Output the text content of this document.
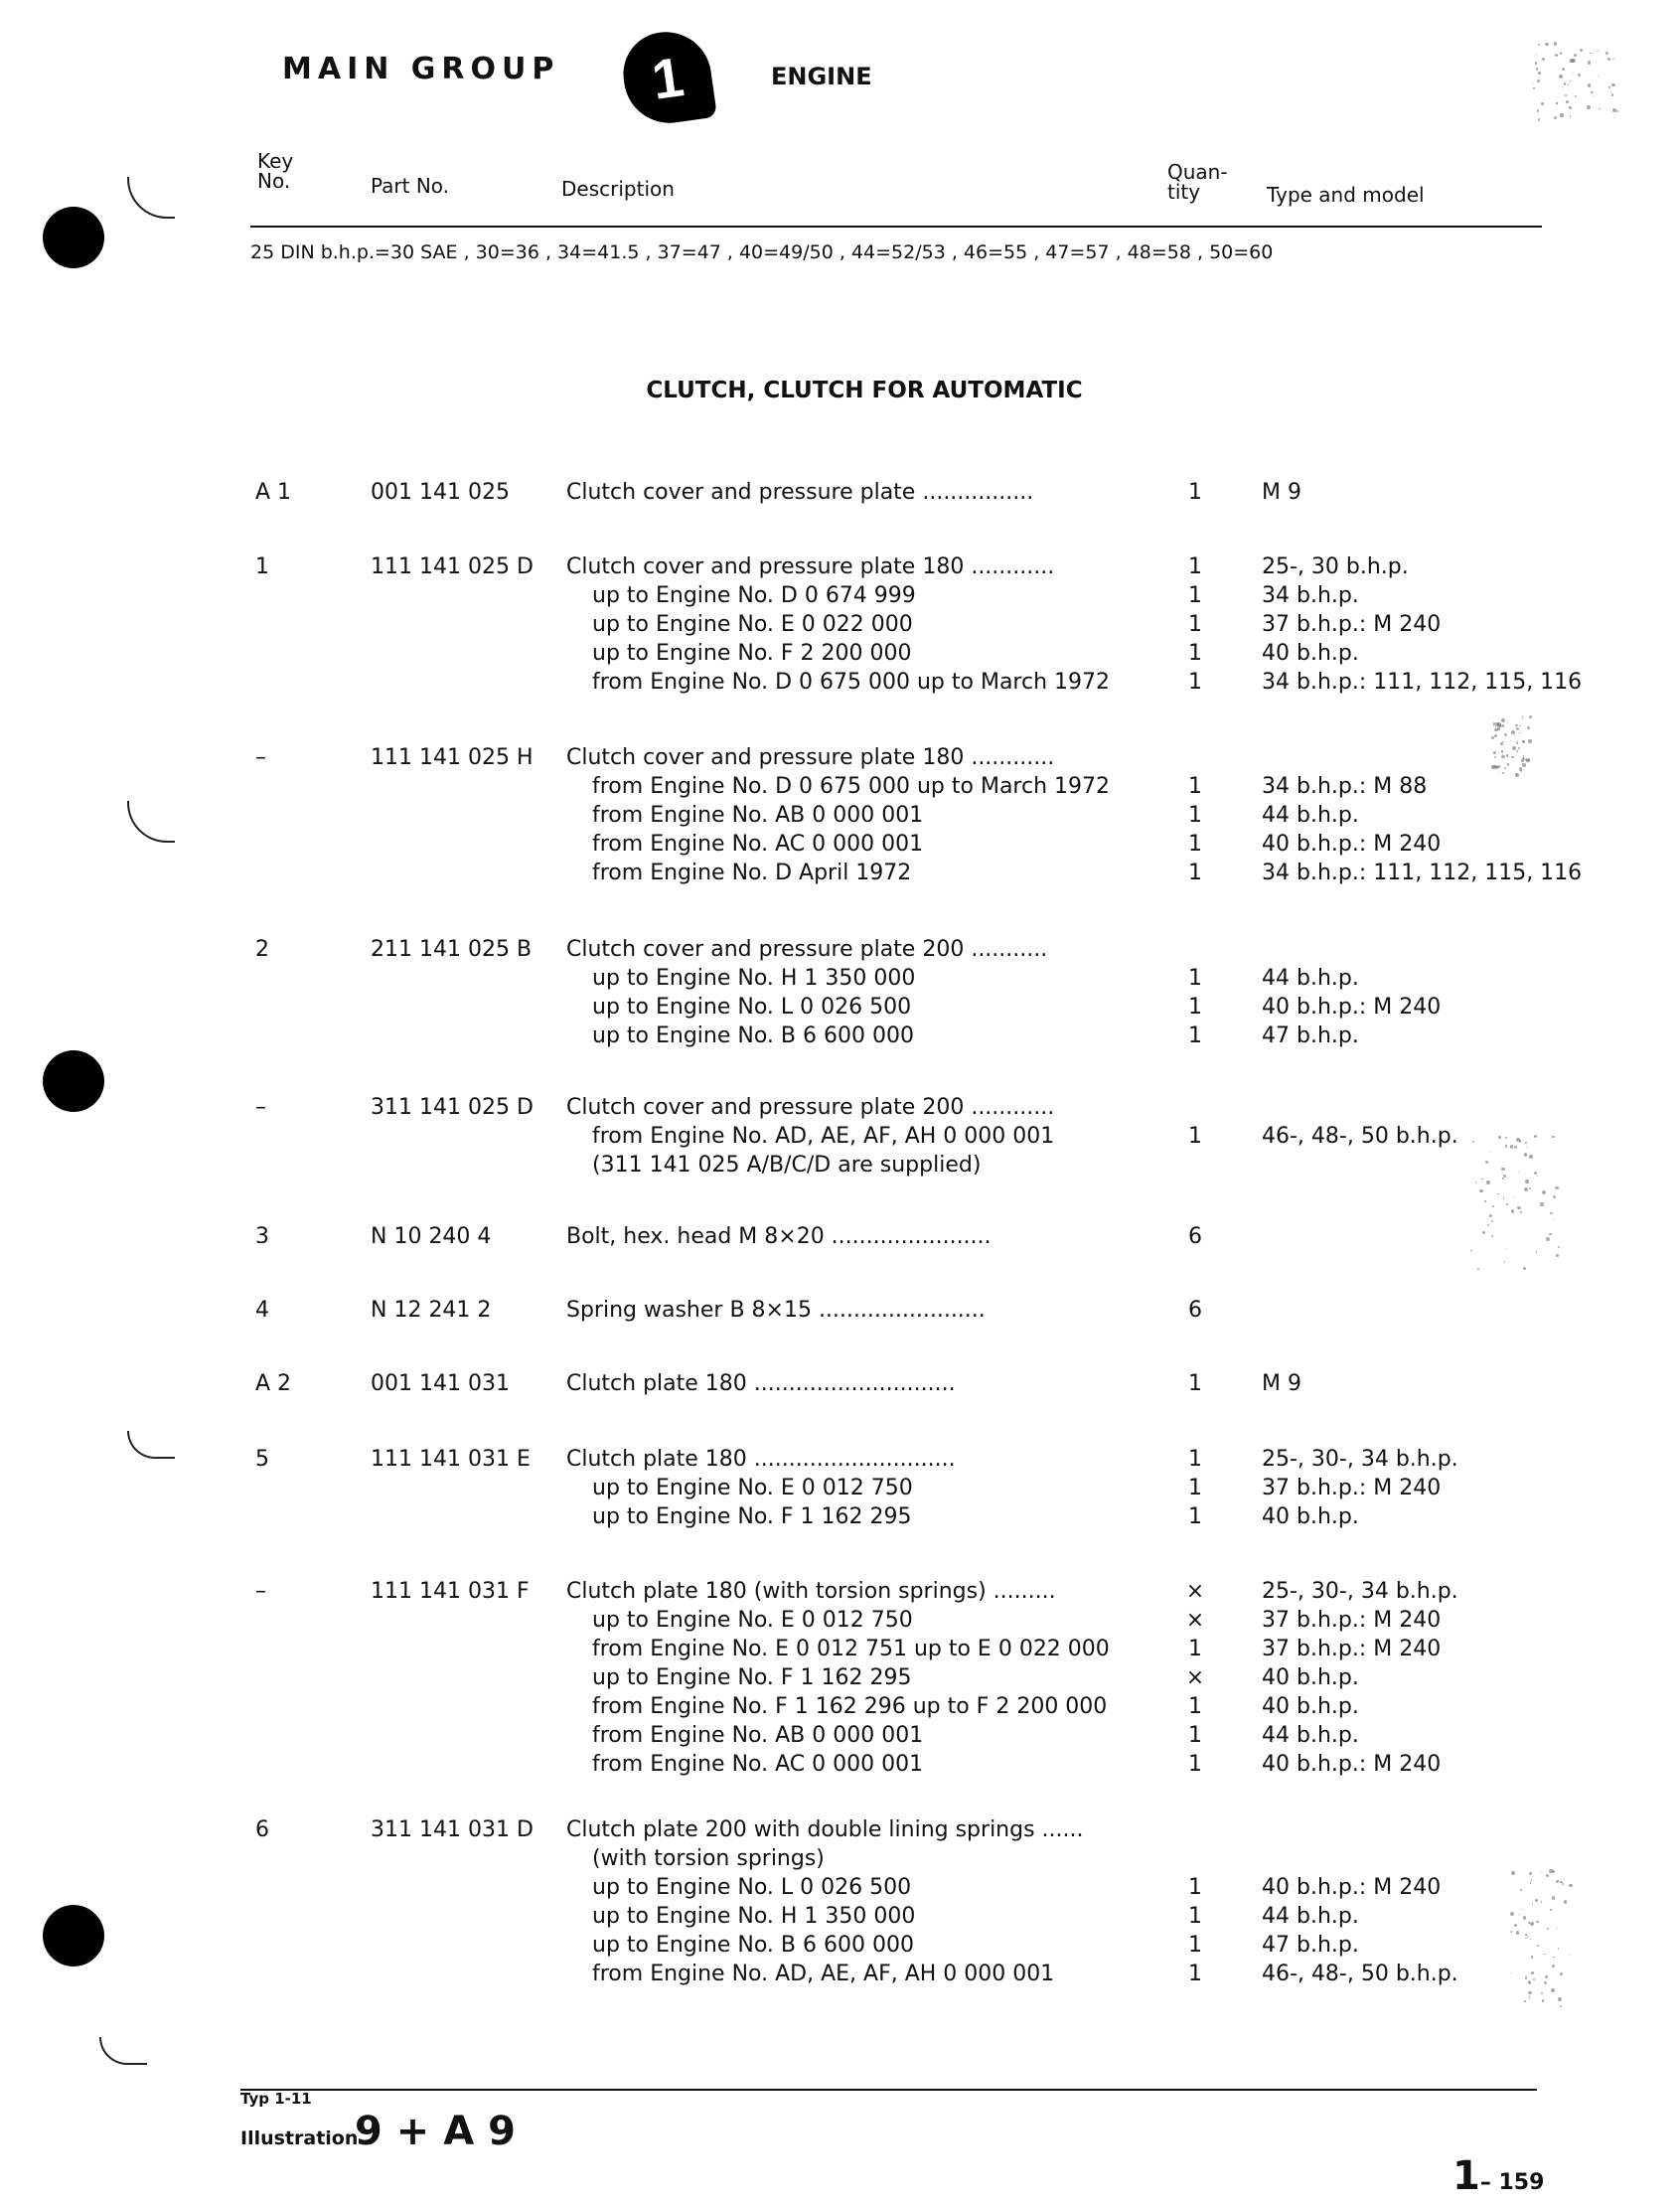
MAIN GROUP	1	ENGINE
Key
No.	Part No.	Description
Quan-
tity	Type and model
25 DIN b.h.p.=30 SAE , 30=36 , 34=41.5 , 37=47 , 40=49/50 , 44=52/53 , 46=55 , 47=57 , 48=58 , 50=60
CLUTCH, CLUTCH FOR AUTOMATIC
A 1	001 141 025	Clutch cover and pressure plate ................	1	M 9
1	111 141 025 D Clutch cover and pressure plate 180 ............	1	25-, 30 b.h.p.
up to Engine No. D 0 674 999	1	34 b.h.p.
up to Engine No. E 0 022 000	1	37 b.h.p.: M 240
up to Engine No. F 2 200 000	1	40 b.h.p.
from Engine No. D 0 675 000 up to March 1972	1	34 b.h.p.: 111, 112, 115, 116
–	111 141 025 H Clutch cover and pressure plate 180 ............
from Engine No. D 0 675 000 up to March 1972	1	34 b.h.p.: M 88
from Engine No. AB 0 000 001	1	44 b.h.p.
from Engine No. AC 0 000 001	1	40 b.h.p.: M 240
from Engine No. D April 1972	1	34 b.h.p.: 111, 112, 115, 116
2	211 141 025 B Clutch cover and pressure plate 200 ...........
up to Engine No. H 1 350 000	1	44 b.h.p.
up to Engine No. L 0 026 500	1	40 b.h.p.: M 240
up to Engine No. B 6 600 000	1	47 b.h.p.
–	311 141 025 D Clutch cover and pressure plate 200 ............
from Engine No. AD, AE, AF, AH 0 000 001	1	46-, 48-, 50 b.h.p.
(311 141 025 A/B/C/D are supplied)
3	N 10 240 4	Bolt, hex. head M 8×20 .......................	6
4	N 12 241 2	Spring washer B 8×15 ........................	6
A 2	001 141 031	Clutch plate 180 .............................	1	M 9
5	111 141 031 E Clutch plate 180 .............................	1	25-, 30-, 34 b.h.p.
up to Engine No. E 0 012 750	1	37 b.h.p.: M 240
up to Engine No. F 1 162 295	1	40 b.h.p.
–	111 141 031 F Clutch plate 180 (with torsion springs) .........	×	25-, 30-, 34 b.h.p.
up to Engine No. E 0 012 750	×	37 b.h.p.: M 240
from Engine No. E 0 012 751 up to E 0 022 000	1	37 b.h.p.: M 240
up to Engine No. F 1 162 295	×	40 b.h.p.
from Engine No. F 1 162 296 up to F 2 200 000	1	40 b.h.p.
from Engine No. AB 0 000 001	1	44 b.h.p.
from Engine No. AC 0 000 001	1	40 b.h.p.: M 240
6	311 141 031 D Clutch plate 200 with double lining springs ......
(with torsion springs)
up to Engine No. L 0 026 500	1	40 b.h.p.: M 240
up to Engine No. H 1 350 000	1	44 b.h.p.
up to Engine No. B 6 600 000	1	47 b.h.p.
from Engine No. AD, AE, AF, AH 0 000 001	1	46-, 48-, 50 b.h.p.
Typ 1-11
Illustration
9 + A 9
1– 159
